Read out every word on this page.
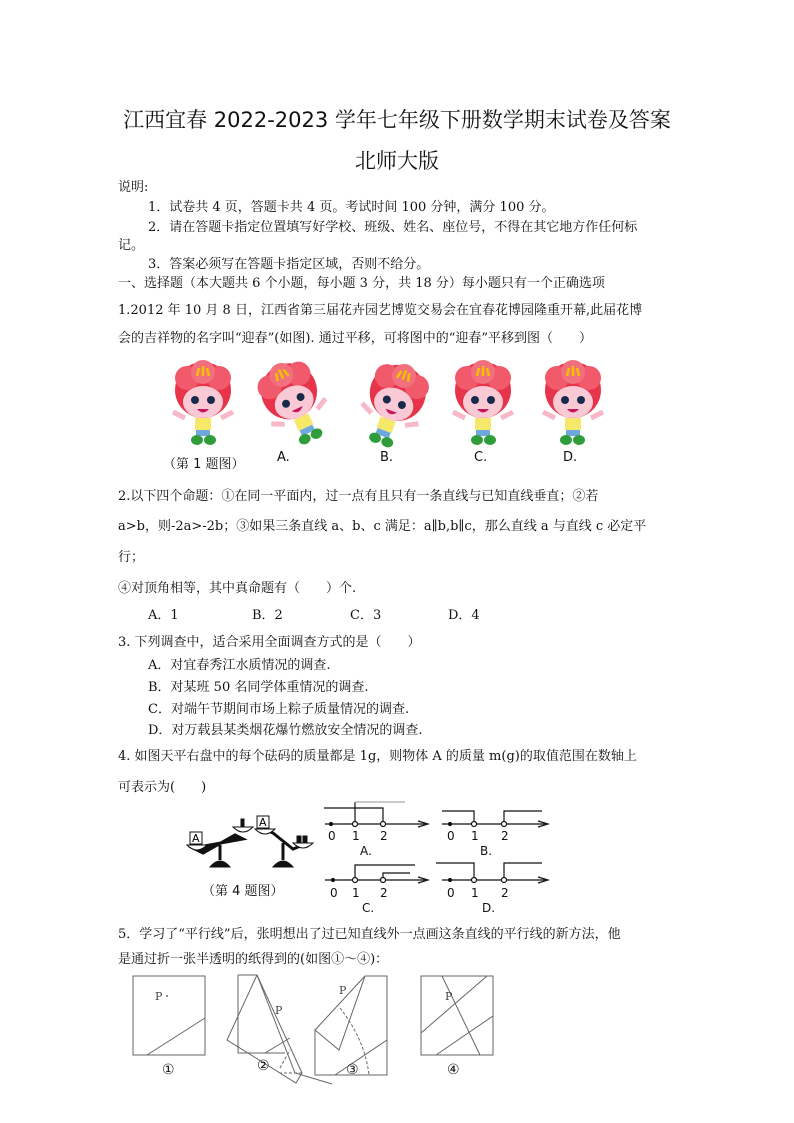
江西宜春 2022-2023 学年七年级下册数学期末试卷及答案
北师大版
说明:
1．试卷共 4 页，答题卡共 4 页。考试时间 100 分钟，满分 100 分。
2．请在答题卡指定位置填写好学校、班级、姓名、座位号，不得在其它地方作任何标
记。
3．答案必须写在答题卡指定区域，否则不给分。
一、选择题（本大题共 6 个小题，每小题 3 分，共 18 分）每小题只有一个正确选项
1.2012 年 10 月 8 日，江西省第三届花卉园艺博览交易会在宜春花博园隆重开幕,此届花博
会的吉祥物的名字叫“迎春”(如图). 通过平移，可将图中的“迎春”平移到图（　　）
（第 1 题图） A.	B.	C.	D.
2.以下四个命题：①在同一平面内，过一点有且只有一条直线与已知直线垂直；②若
a>b，则-2a>-2b；③如果三条直线 a、b、c 满足：a∥b,b∥c，那么直线 a 与直线 c 必定平
行；
④对顶角相等，其中真命题有（　　）个.
A．1	B．2	C．3	D．4
3. 下列调查中，适合采用全面调查方式的是（　　）
A．对宜春秀江水质情况的调查.
B．对某班 50 名同学体重情况的调查.
C．对端午节期间市场上粽子质量情况的调查.
D．对万载县某类烟花爆竹燃放安全情况的调查.
4. 如图天平右盘中的每个砝码的质量都是 1g，则物体 A 的质量 m(g)的取值范围在数轴上
可表示为(　　)
A
A
（第 4 题图）
0 1 2
A.
0 1 2
B.
0 1 2
C.
0 1 2
D.
5．学习了“平行线”后，张明想出了过已知直线外一点画这条直线的平行线的新方法，他
是通过折一张半透明的纸得到的(如图①～④)：
P
P
P	P
①	②	③	④
